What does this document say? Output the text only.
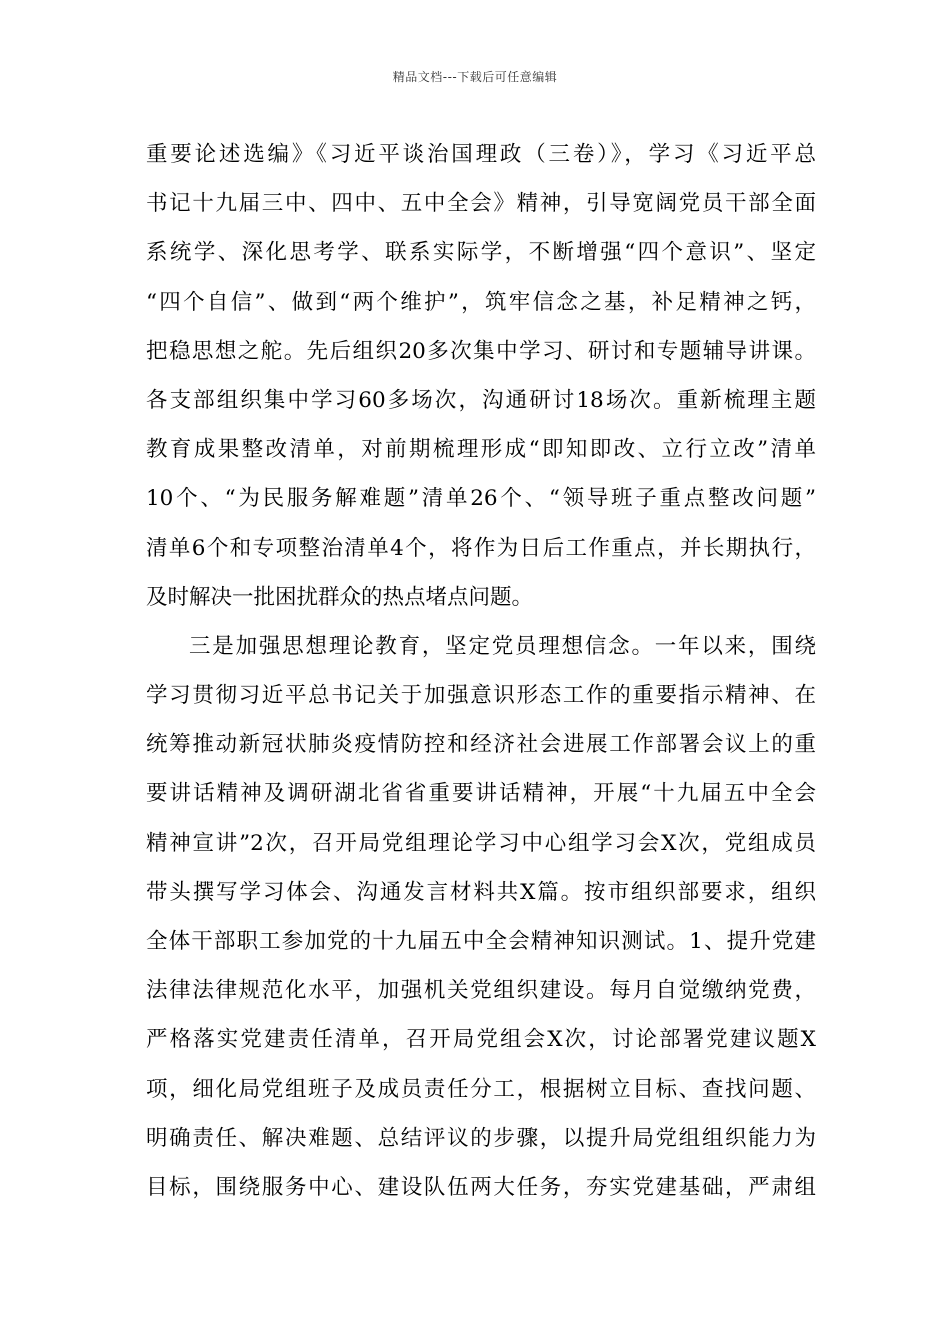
精品文档---下载后可任意编辑
重要论述选编》《习近平谈治国理政（三卷）》，学习《习近平总
书记十九届三中、四中、五中全会》精神，引导宽阔党员干部全面
系统学、深化思考学、联系实际学，不断增强“四个意识”、坚定
“四个自信”、做到“两个维护”，筑牢信念之基，补足精神之钙，
把稳思想之舵。先后组织20多次集中学习、研讨和专题辅导讲课。
各支部组织集中学习60多场次，沟通研讨18场次。重新梳理主题
教育成果整改清单，对前期梳理形成“即知即改、立行立改”清单
10个、“为民服务解难题”清单26个、“领导班子重点整改问题”
清单6个和专项整治清单4个，将作为日后工作重点，并长期执行，
及时解决一批困扰群众的热点堵点问题。
三是加强思想理论教育，坚定党员理想信念。一年以来，围绕
学习贯彻习近平总书记关于加强意识形态工作的重要指示精神、在
统筹推动新冠状肺炎疫情防控和经济社会进展工作部署会议上的重
要讲话精神及调研湖北省省重要讲话精神，开展“十九届五中全会
精神宣讲”2次，召开局党组理论学习中心组学习会X次，党组成员
带头撰写学习体会、沟通发言材料共X篇。按市组织部要求，组织
全体干部职工参加党的十九届五中全会精神知识测试。1、提升党建
法律法律规范化水平，加强机关党组织建设。每月自觉缴纳党费，
严格落实党建责任清单，召开局党组会X次，讨论部署党建议题X
项，细化局党组班子及成员责任分工，根据树立目标、查找问题、
明确责任、解决难题、总结评议的步骤，以提升局党组组织能力为
目标，围绕服务中心、建设队伍两大任务，夯实党建基础，严肃组
